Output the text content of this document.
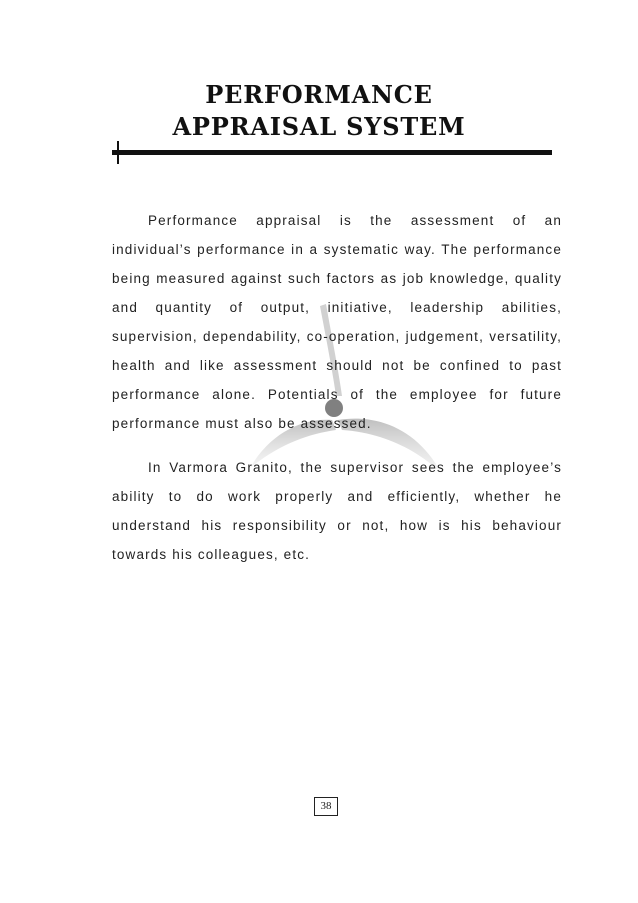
PERFORMANCE
APPRAISAL SYSTEM

Performance appraisal is the assessment of an individual’s performance in a systematic way. The performance being measured against such factors as job knowledge, quality and quantity of output, initiative, leadership abilities, supervision, dependability, co-operation, judgement, versatility, health and like assessment should not be confined to past performance alone. Potentials of the employee for future performance must also be assessed.

In Varmora Granito, the supervisor sees the employee’s ability to do work properly and efficiently, whether he understand his responsibility or not, how is his behaviour towards his colleagues, etc.

38
